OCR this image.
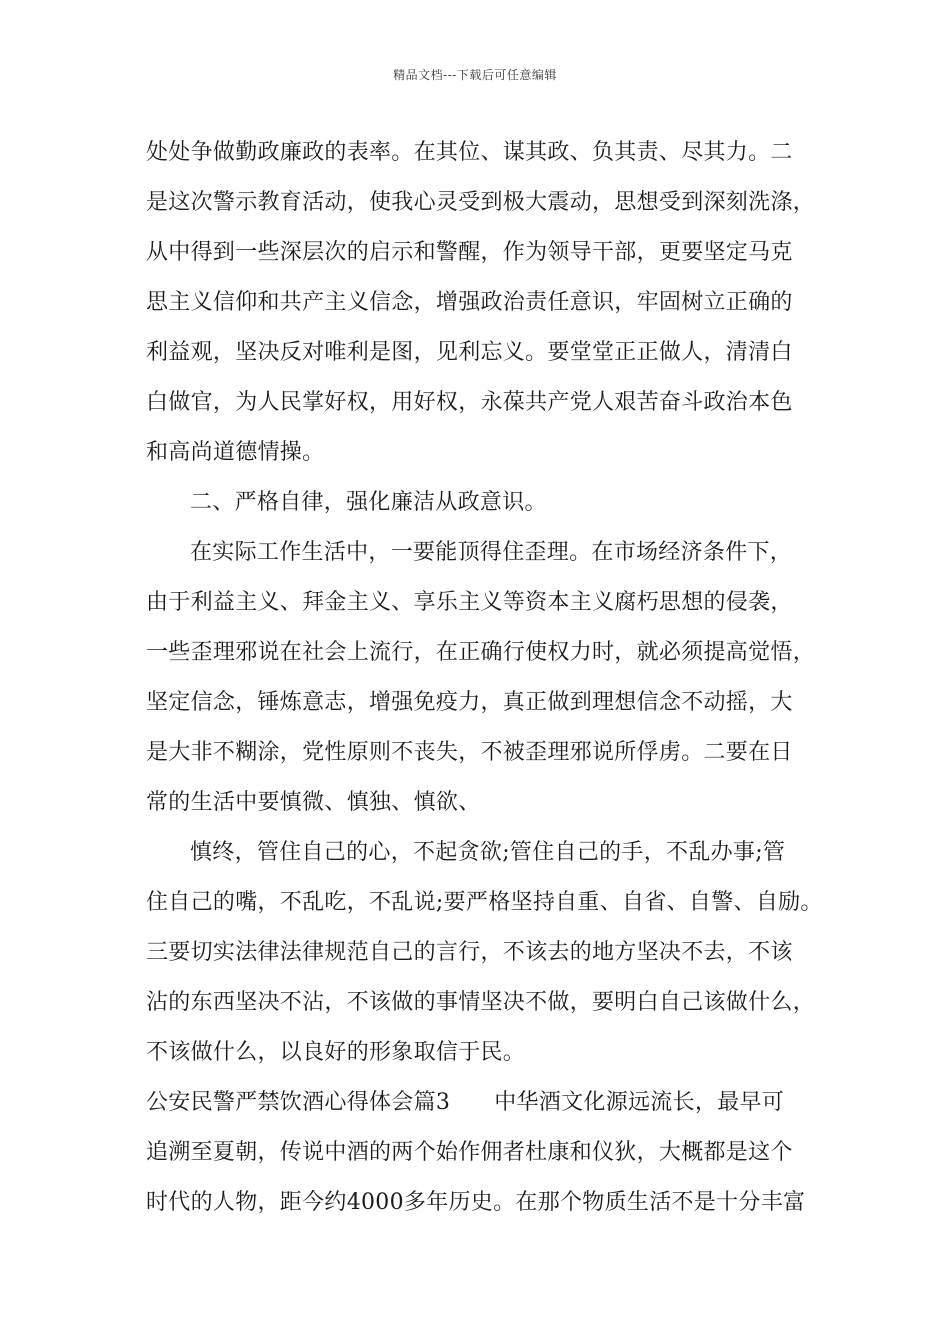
精品文档---下载后可任意编辑
处处争做勤政廉政的表率。在其位、谋其政、负其责、尽其力。二
是这次警示教育活动，使我心灵受到极大震动，思想受到深刻洗涤，
从中得到一些深层次的启示和警醒，作为领导干部，更要坚定马克
思主义信仰和共产主义信念，增强政治责任意识，牢固树立正确的
利益观，坚决反对唯利是图，见利忘义。要堂堂正正做人，清清白
白做官，为人民掌好权，用好权，永葆共产党人艰苦奋斗政治本色
和高尚道德情操。
二、严格自律，强化廉洁从政意识。
在实际工作生活中，一要能顶得住歪理。在市场经济条件下，
由于利益主义、拜金主义、享乐主义等资本主义腐朽思想的侵袭，
一些歪理邪说在社会上流行，在正确行使权力时，就必须提高觉悟，
坚定信念，锤炼意志，增强免疫力，真正做到理想信念不动摇，大
是大非不糊涂，党性原则不丧失，不被歪理邪说所俘虏。二要在日
常的生活中要慎微、慎独、慎欲、
慎终，管住自己的心，不起贪欲;管住自己的手，不乱办事;管
住自己的嘴，不乱吃，不乱说;要严格坚持自重、自省、自警、自励。
三要切实法律法律规范自己的言行，不该去的地方坚决不去，不该
沾的东西坚决不沾，不该做的事情坚决不做，要明白自己该做什么，
不该做什么，以良好的形象取信于民。
公安民警严禁饮酒心得体会篇3 中华酒文化源远流长，最早可
追溯至夏朝，传说中酒的两个始作佣者杜康和仪狄，大概都是这个
时代的人物，距今约4000多年历史。在那个物质生活不是十分丰富
